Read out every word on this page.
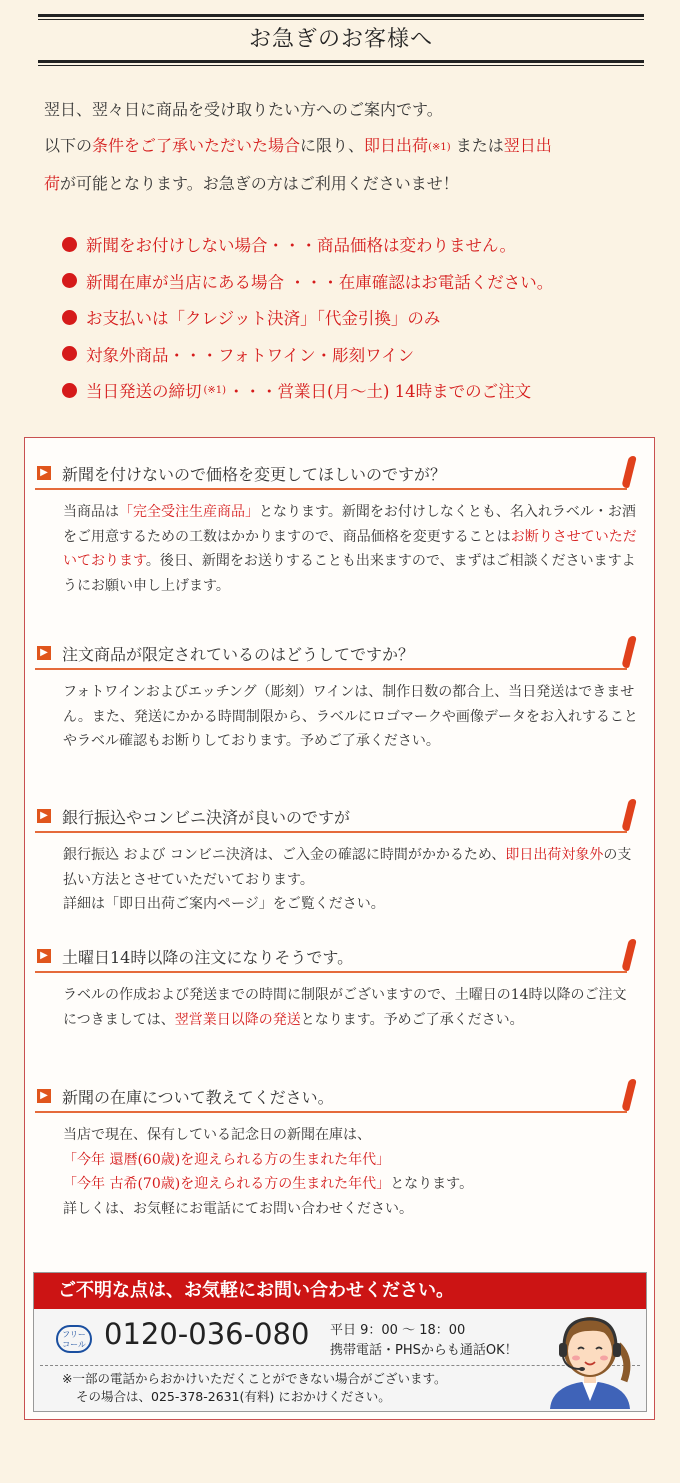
お急ぎのお客様へ
翌日、翌々日に商品を受け取りたい方へのご案内です。
以下の条件をご了承いただいた場合に限り、即日出荷(※1) または翌日出
荷が可能となります。お急ぎの方はご利用くださいませ！
新聞をお付けしない場合・・・商品価格は変わりません。
新聞在庫が当店にある場合 ・・・在庫確認はお電話ください。
お支払いは「クレジット決済」「代金引換」のみ
対象外商品・・・フォトワイン・彫刻ワイン
当日発送の締切 (※1) ・・・営業日(月〜土) 14時までのご注文
▶ 新聞を付けないので価格を変更してほしいのですが？
当商品は「完全受注生産商品」となります。新聞をお付けしなくとも、名入れラベル・お酒をご用意するための工数はかかりますので、商品価格を変更することはお断りさせていただいております。後日、新聞をお送りすることも出来ますので、まずはご相談くださいますようにお願い申し上げます。
▶ 注文商品が限定されているのはどうしてですか？
フォトワインおよびエッチング（彫刻）ワインは、制作日数の都合上、当日発送はできません。また、発送にかかる時間制限から、ラベルにロゴマークや画像データをお入れすることやラベル確認もお断りしております。予めご了承ください。
▶ 銀行振込やコンビニ決済が良いのですが
銀行振込 および コンビニ決済は、ご入金の確認に時間がかかるため、即日出荷対象外の支払い方法とさせていただいております。
詳細は「即日出荷ご案内ページ」をご覧ください。
▶ 土曜日14時以降の注文になりそうです。
ラベルの作成および発送までの時間に制限がございますので、土曜日の14時以降のご注文につきましては、翌営業日以降の発送となります。予めご了承ください。
▶ 新聞の在庫について教えてください。
当店で現在、保有している記念日の新聞在庫は、
「今年 還暦(60歳)を迎えられる方の生まれた年代」
「今年 古希(70歳)を迎えられる方の生まれた年代」となります。
詳しくは、お気軽にお電話にてお問い合わせください。
ご不明な点は、お気軽にお問い合わせください。
フリー
コール 0120-036-080 平日 9：00 〜 18：00
携帯電話・PHSからも通話OK！
※一部の電話からおかけいただくことができない場合がございます。
その場合は、025-378-2631(有料) におかけください。
